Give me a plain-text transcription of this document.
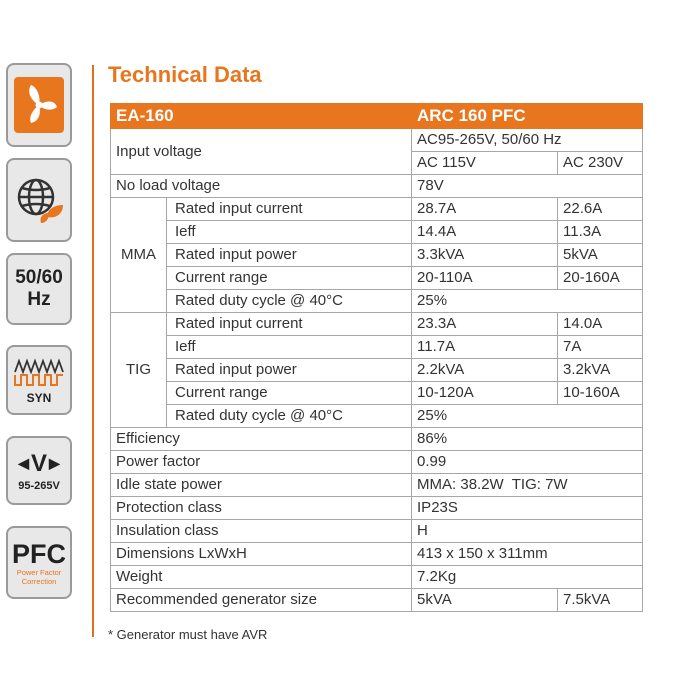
50/60 Hz
SYN
◀ V ▶
95-265V
PFC
Power Factor
Correction
Technical Data
EA-160		ARC 160 PFC	
Input voltage		AC95-265V, 50/60 Hz	
		AC 115V	AC 230V
No load voltage		78V	
MMA	Rated input current	28.7A	22.6A
	Ieff	14.4A	11.3A
	Rated input power	3.3kVA	5kVA
	Current range	20-110A	20-160A
	Rated duty cycle @ 40°C	25%	
TIG	Rated input current	23.3A	14.0A
	Ieff	11.7A	7A
	Rated input power	2.2kVA	3.2kVA
	Current range	10-120A	10-160A
	Rated duty cycle @ 40°C	25%	
Efficiency		86%	
Power factor		0.99	
Idle state power		MMA: 38.2W  TIG: 7W	
Protection class		IP23S	
Insulation class		H	
Dimensions LxWxH		413 x 150 x 311mm	
Weight		7.2Kg	
Recommended generator size		5kVA	7.5kVA
* Generator must have AVR
